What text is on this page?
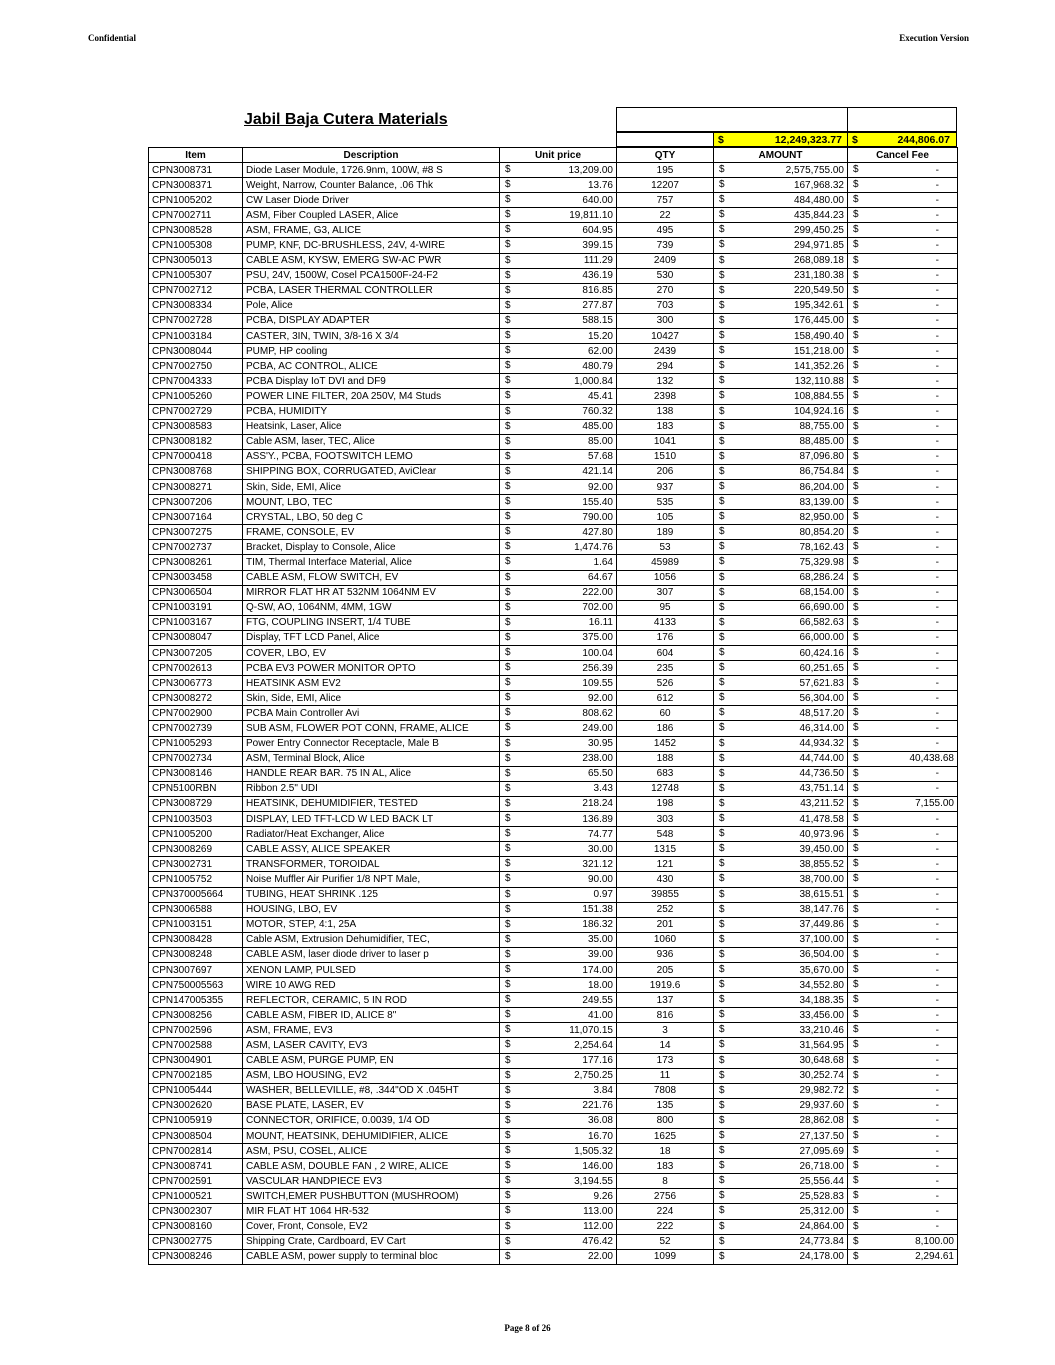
Confidential	Execution Version
Jabil Baja Cutera Materials
$	12,249,323.77 $	244,806.07
Item	Description	Unit price	QTY	AMOUNT	Cancel Fee
CPN3008731	Diode Laser Module, 1726.9nm, 100W, #8 S	$ 13,209.00	195	$ 2,575,755.00	$ -
CPN3008371	Weight, Narrow, Counter Balance, .06 Thk	$ 13.76	12207	$ 167,968.32	$ -
CPN1005202	CW Laser Diode Driver	$ 640.00	757	$ 484,480.00	$ -
CPN7002711	ASM, Fiber Coupled LASER, Alice	$ 19,811.10	22	$ 435,844.23	$ -
CPN3008528	ASM, FRAME, G3, ALICE	$ 604.95	495	$ 299,450.25	$ -
CPN1005308	PUMP, KNF, DC-BRUSHLESS, 24V, 4-WIRE	$ 399.15	739	$ 294,971.85	$ -
CPN3005013	CABLE ASM, KYSW, EMERG SW-AC PWR	$ 111.29	2409	$ 268,089.18	$ -
CPN1005307	PSU, 24V, 1500W, Cosel PCA1500F-24-F2	$ 436.19	530	$ 231,180.38	$ -
CPN7002712	PCBA, LASER THERMAL CONTROLLER	$ 816.85	270	$ 220,549.50	$ -
CPN3008334	Pole, Alice	$ 277.87	703	$ 195,342.61	$ -
CPN7002728	PCBA, DISPLAY ADAPTER	$ 588.15	300	$ 176,445.00	$ -
CPN1003184	CASTER, 3IN, TWIN, 3/8-16 X 3/4	$ 15.20	10427	$ 158,490.40	$ -
CPN3008044	PUMP, HP cooling	$ 62.00	2439	$ 151,218.00	$ -
CPN7002750	PCBA, AC CONTROL, ALICE	$ 480.79	294	$ 141,352.26	$ -
CPN7004333	PCBA Display IoT DVI and DF9	$ 1,000.84	132	$ 132,110.88	$ -
CPN1005260	POWER LINE FILTER, 20A 250V, M4 Studs	$ 45.41	2398	$ 108,884.55	$ -
CPN7002729	PCBA, HUMIDITY	$ 760.32	138	$ 104,924.16	$ -
CPN3008583	Heatsink, Laser, Alice	$ 485.00	183	$ 88,755.00	$ -
CPN3008182	Cable ASM, laser, TEC, Alice	$ 85.00	1041	$ 88,485.00	$ -
CPN7000418	ASS'Y., PCBA, FOOTSWITCH LEMO	$ 57.68	1510	$ 87,096.80	$ -
CPN3008768	SHIPPING BOX, CORRUGATED, AviClear	$ 421.14	206	$ 86,754.84	$ -
CPN3008271	Skin, Side, EMI, Alice	$ 92.00	937	$ 86,204.00	$ -
CPN3007206	MOUNT, LBO, TEC	$ 155.40	535	$ 83,139.00	$ -
CPN3007164	CRYSTAL, LBO, 50 deg C	$ 790.00	105	$ 82,950.00	$ -
CPN3007275	FRAME, CONSOLE, EV	$ 427.80	189	$ 80,854.20	$ -
CPN7002737	Bracket, Display to Console, Alice	$ 1,474.76	53	$ 78,162.43	$ -
CPN3008261	TIM, Thermal Interface Material, Alice	$ 1.64	45989	$ 75,329.98	$ -
CPN3003458	CABLE ASM, FLOW SWITCH, EV	$ 64.67	1056	$ 68,286.24	$ -
CPN3006504	MIRROR FLAT HR AT 532NM 1064NM EV	$ 222.00	307	$ 68,154.00	$ -
CPN1003191	Q-SW, AO, 1064NM, 4MM, 1GW	$ 702.00	95	$ 66,690.00	$ -
CPN1003167	FTG, COUPLING INSERT, 1/4 TUBE	$ 16.11	4133	$ 66,582.63	$ -
CPN3008047	Display, TFT LCD Panel, Alice	$ 375.00	176	$ 66,000.00	$ -
CPN3007205	COVER, LBO, EV	$ 100.04	604	$ 60,424.16	$ -
CPN7002613	PCBA EV3 POWER MONITOR OPTO	$ 256.39	235	$ 60,251.65	$ -
CPN3006773	HEATSINK ASM EV2	$ 109.55	526	$ 57,621.83	$ -
CPN3008272	Skin, Side, EMI, Alice	$ 92.00	612	$ 56,304.00	$ -
CPN7002900	PCBA Main Controller Avi	$ 808.62	60	$ 48,517.20	$ -
CPN7002739	SUB ASM, FLOWER POT CONN, FRAME, ALICE	$ 249.00	186	$ 46,314.00	$ -
CPN1005293	Power Entry Connector Receptacle, Male B	$ 30.95	1452	$ 44,934.32	$ -
CPN7002734	ASM, Terminal Block, Alice	$ 238.00	188	$ 44,744.00	$ 40,438.68
CPN3008146	HANDLE REAR BAR. 75 IN AL, Alice	$ 65.50	683	$ 44,736.50	$ -
CPN5100RBN	Ribbon 2.5" UDI	$ 3.43	12748	$ 43,751.14	$ -
CPN3008729	HEATSINK, DEHUMIDIFIER, TESTED	$ 218.24	198	$ 43,211.52	$ 7,155.00
CPN1003503	DISPLAY, LED TFT-LCD W LED BACK LT	$ 136.89	303	$ 41,478.58	$ -
CPN1005200	Radiator/Heat Exchanger, Alice	$ 74.77	548	$ 40,973.96	$ -
CPN3008269	CABLE ASSY, ALICE SPEAKER	$ 30.00	1315	$ 39,450.00	$ -
CPN3002731	TRANSFORMER, TOROIDAL	$ 321.12	121	$ 38,855.52	$ -
CPN1005752	Noise Muffler Air Purifier 1/8 NPT Male,	$ 90.00	430	$ 38,700.00	$ -
CPN370005664	TUBING, HEAT SHRINK .125	$ 0.97	39855	$ 38,615.51	$ -
CPN3006588	HOUSING, LBO, EV	$ 151.38	252	$ 38,147.76	$ -
CPN1003151	MOTOR, STEP, 4:1, 25A	$ 186.32	201	$ 37,449.86	$ -
CPN3008428	Cable ASM, Extrusion Dehumidifier, TEC,	$ 35.00	1060	$ 37,100.00	$ -
CPN3008248	CABLE ASM, laser diode driver to laser p	$ 39.00	936	$ 36,504.00	$ -
CPN3007697	XENON LAMP, PULSED	$ 174.00	205	$ 35,670.00	$ -
CPN750005563	WIRE 10 AWG RED	$ 18.00	1919.6	$ 34,552.80	$ -
CPN147005355	REFLECTOR, CERAMIC, 5 IN ROD	$ 249.55	137	$ 34,188.35	$ -
CPN3008256	CABLE ASM, FIBER ID, ALICE 8"	$ 41.00	816	$ 33,456.00	$ -
CPN7002596	ASM, FRAME, EV3	$ 11,070.15	3	$ 33,210.46	$ -
CPN7002588	ASM, LASER CAVITY, EV3	$ 2,254.64	14	$ 31,564.95	$ -
CPN3004901	CABLE ASM, PURGE PUMP, EN	$ 177.16	173	$ 30,648.68	$ -
CPN7002185	ASM, LBO HOUSING, EV2	$ 2,750.25	11	$ 30,252.74	$ -
CPN1005444	WASHER, BELLEVILLE, #8, .344"OD X .045HT	$ 3.84	7808	$ 29,982.72	$ -
CPN3002620	BASE PLATE, LASER, EV	$ 221.76	135	$ 29,937.60	$ -
CPN1005919	CONNECTOR, ORIFICE, 0.0039, 1/4 OD	$ 36.08	800	$ 28,862.08	$ -
CPN3008504	MOUNT, HEATSINK, DEHUMIDIFIER, ALICE	$ 16.70	1625	$ 27,137.50	$ -
CPN7002814	ASM, PSU, COSEL, ALICE	$ 1,505.32	18	$ 27,095.69	$ -
CPN3008741	CABLE ASM, DOUBLE FAN , 2 WIRE, ALICE	$ 146.00	183	$ 26,718.00	$ -
CPN7002591	VASCULAR HANDPIECE EV3	$ 3,194.55	8	$ 25,556.44	$ -
CPN1000521	SWITCH,EMER PUSHBUTTON (MUSHROOM)	$ 9.26	2756	$ 25,528.83	$ -
CPN3002307	MIR FLAT HT 1064 HR-532	$ 113.00	224	$ 25,312.00	$ -
CPN3008160	Cover, Front, Console, EV2	$ 112.00	222	$ 24,864.00	$ -
CPN3002775	Shipping Crate, Cardboard, EV Cart	$ 476.42	52	$ 24,773.84	$ 8,100.00
CPN3008246	CABLE ASM, power supply to terminal bloc	$ 22.00	1099	$ 24,178.00	$ 2,294.61
Page 8 of 26
